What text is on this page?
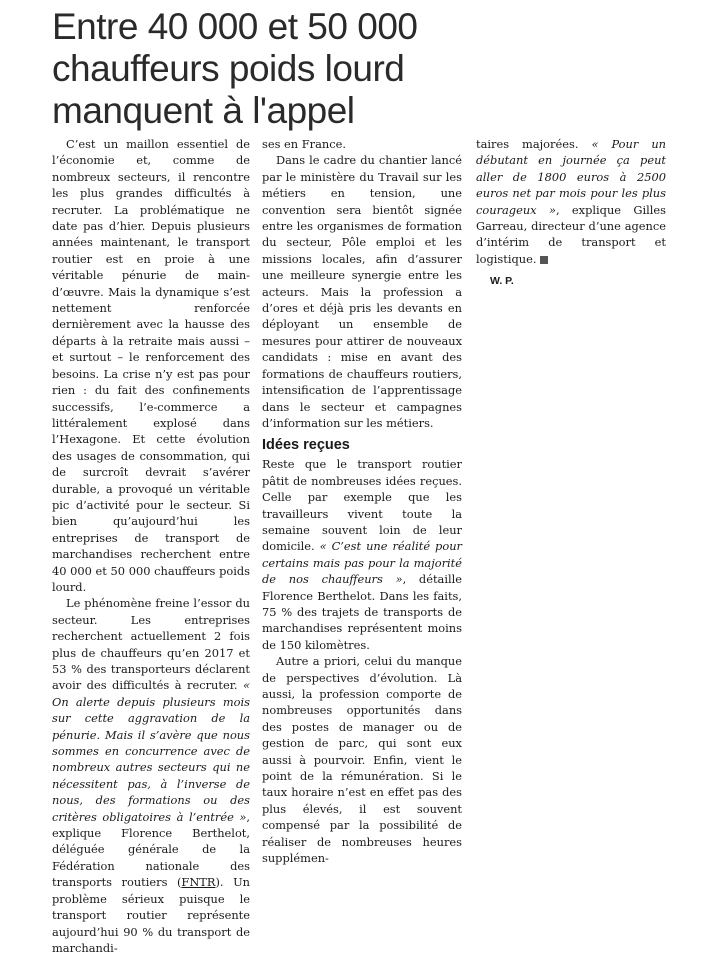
Entre 40 000 et 50 000
chauffeurs poids lourd
manquent à l'appel

C’est un maillon essentiel de l’économie et, comme de nombreux secteurs, il rencontre les plus grandes difficultés à recruter. La problématique ne date pas d’hier. Depuis plusieurs années maintenant, le transport routier est en proie à une véritable pénurie de main-d’œuvre. Mais la dynamique s’est nettement renforcée dernièrement avec la hausse des départs à la retraite mais aussi – et surtout – le renforcement des besoins. La crise n’y est pas pour rien : du fait des confinements successifs, l’e-commerce a littéralement explosé dans l’Hexagone. Et cette évolution des usages de consommation, qui de surcroît devrait s’avérer durable, a provoqué un véritable pic d’activité pour le secteur. Si bien qu’aujourd’hui les entreprises de transport de marchandises recherchent entre 40 000 et 50 000 chauffeurs poids lourd.

Le phénomène freine l’essor du secteur. Les entreprises recherchent actuellement 2 fois plus de chauffeurs qu’en 2017 et 53 % des transporteurs déclarent avoir des difficultés à recruter. « On alerte depuis plusieurs mois sur cette aggravation de la pénurie. Mais il s’avère que nous sommes en concurrence avec de nombreux autres secteurs qui ne nécessitent pas, à l’inverse de nous, des formations ou des critères obligatoires à l’entrée », explique Florence Berthelot, déléguée générale de la Fédération nationale des transports routiers (FNTR). Un problème sérieux puisque le transport routier représente aujourd’hui 90 % du transport de marchandi-

ses en France.

Dans le cadre du chantier lancé par le ministère du Travail sur les métiers en tension, une convention sera bientôt signée entre les organismes de formation du secteur, Pôle emploi et les missions locales, afin d’assurer une meilleure synergie entre les acteurs. Mais la profession a d’ores et déjà pris les devants en déployant un ensemble de mesures pour attirer de nouveaux candidats : mise en avant des formations de chauffeurs routiers, intensification de l’apprentissage dans le secteur et campagnes d’information sur les métiers.

Idées reçues

Reste que le transport routier pâtit de nombreuses idées reçues. Celle par exemple que les travailleurs vivent toute la semaine souvent loin de leur domicile. « C’est une réalité pour certains mais pas pour la majorité de nos chauffeurs », détaille Florence Berthelot. Dans les faits, 75 % des trajets de transports de marchandises représentent moins de 150 kilomètres.

Autre a priori, celui du manque de perspectives d’évolution. Là aussi, la profession comporte de nombreuses opportunités dans des postes de manager ou de gestion de parc, qui sont eux aussi à pourvoir. Enfin, vient le point de la rémunération. Si le taux horaire n’est en effet pas des plus élevés, il est souvent compensé par la possibilité de réaliser de nombreuses heures supplémen-

taires majorées. « Pour un débutant en journée ça peut aller de 1800 euros à 2500 euros net par mois pour les plus courageux », explique Gilles Garreau, directeur d’une agence d’intérim de transport et logistique.

W. P.
